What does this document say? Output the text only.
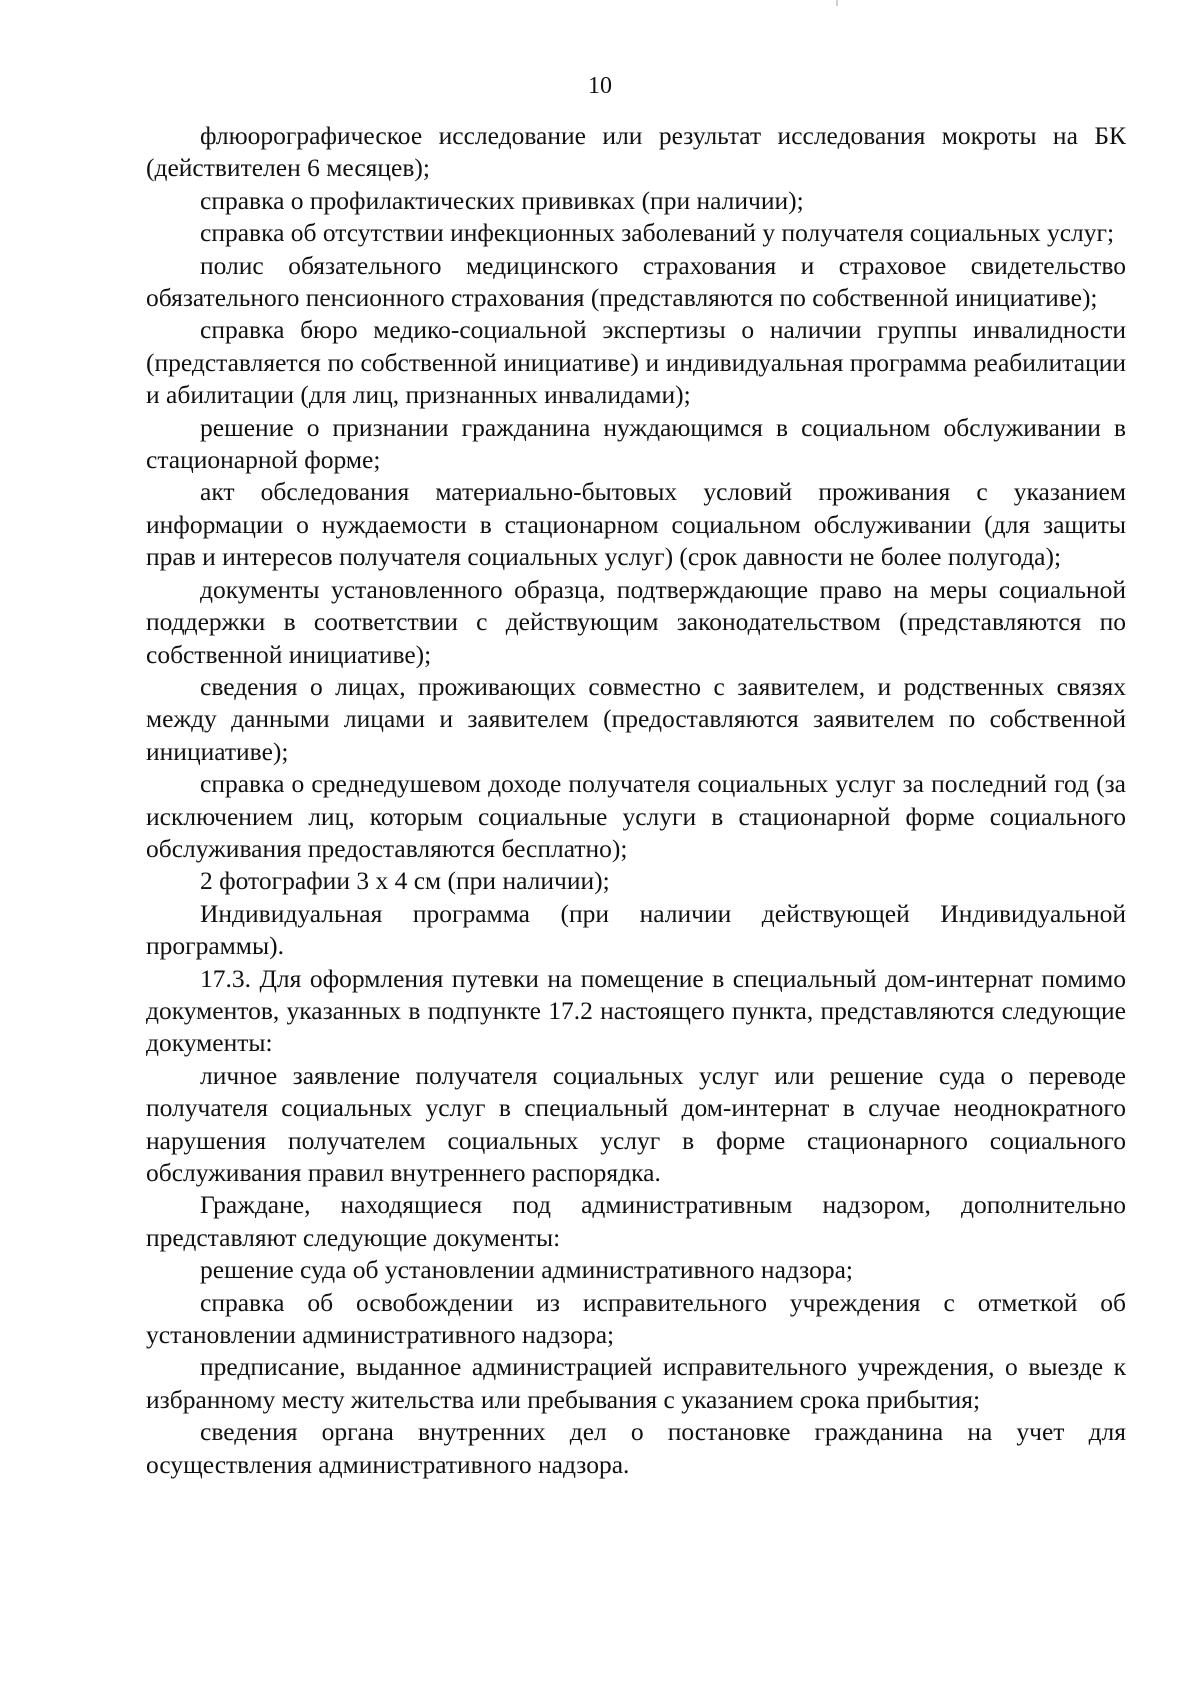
10

флюорографическое исследование или результат исследования мокроты на БК (действителен 6 месяцев);

справка о профилактических прививках (при наличии);

справка об отсутствии инфекционных заболеваний у получателя социальных услуг;

полис обязательного медицинского страхования и страховое свидетельство обязательного пенсионного страхования (представляются по собственной инициативе);

справка бюро медико-социальной экспертизы о наличии группы инвалидности (представляется по собственной инициативе) и индивидуальная программа реабилитации и абилитации (для лиц, признанных инвалидами);

решение о признании гражданина нуждающимся в социальном обслуживании в стационарной форме;

акт обследования материально-бытовых условий проживания с указанием информации о нуждаемости в стационарном социальном обслуживании (для защиты прав и интересов получателя социальных услуг) (срок давности не более полугода);

документы установленного образца, подтверждающие право на меры социальной поддержки в соответствии с действующим законодательством (представляются по собственной инициативе);

сведения о лицах, проживающих совместно с заявителем, и родственных связях между данными лицами и заявителем (предоставляются заявителем по собственной инициативе);

справка о среднедушевом доходе получателя социальных услуг за последний год (за исключением лиц, которым социальные услуги в стационарной форме социального обслуживания предоставляются бесплатно);

2 фотографии 3 х 4 см (при наличии);

Индивидуальная программа (при наличии действующей Индивидуальной программы).

17.3. Для оформления путевки на помещение в специальный дом-интернат помимо документов, указанных в подпункте 17.2 настоящего пункта, представляются следующие документы:

личное заявление получателя социальных услуг или решение суда о переводе получателя социальных услуг в специальный дом-интернат в случае неоднократного нарушения получателем социальных услуг в форме стационарного социального обслуживания правил внутреннего распорядка.

Граждане, находящиеся под административным надзором, дополнительно представляют следующие документы:

решение суда об установлении административного надзора;

справка об освобождении из исправительного учреждения с отметкой об установлении административного надзора;

предписание, выданное администрацией исправительного учреждения, о выезде к избранному месту жительства или пребывания с указанием срока прибытия;

сведения органа внутренних дел о постановке гражданина на учет для осуществления административного надзора.
